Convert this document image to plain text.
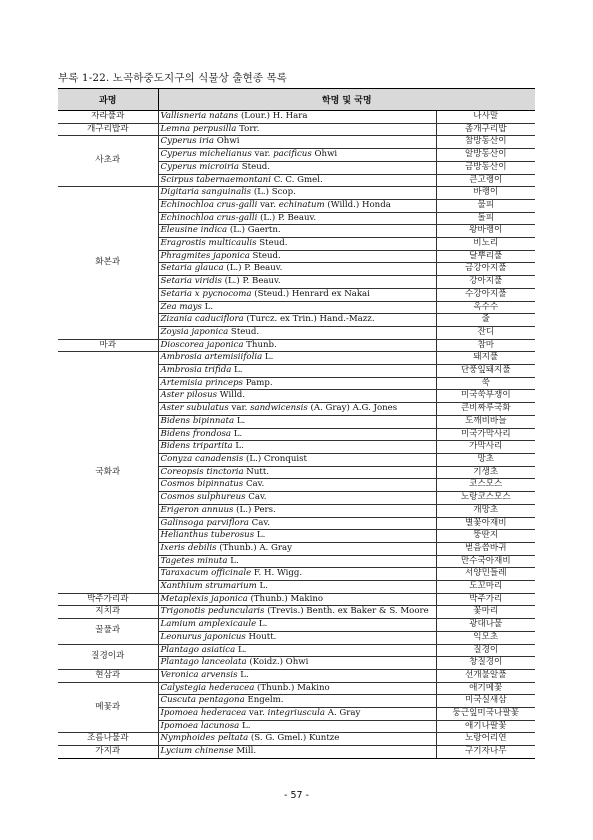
부록 1-22. 노곡하중도지구의 식물상 출현종 목록
과명	학명 및 국명	
자라풀과	Vallisneria natans (Lour.) H. Hara	나사말
개구리밥과	Lemna perpusilla Torr.	좀개구리밥
사초과	Cyperus iria Ohwi	참방동산이
	Cyperus michelianus var. pacificus Ohwi	알방동산이
	Cyperus microiria Steud.	금방동산이
	Scirpus tabernaemontani C. C. Gmel.	큰고랭이
화본과	Digitaria sanguinalis (L.) Scop.	바랭이
	Echinochloa crus-galli var. echinatum (Willd.) Honda	물피
	Echinochloa crus-galli (L.) P. Beauv.	돌피
	Eleusine indica (L.) Gaertn.	왕바랭이
	Eragrostis multicaulis Steud.	비노리
	Phragmites japonica Steud.	달뿌리풀
	Setaria glauca (L.) P. Beauv.	금강아지풀
	Setaria viridis (L.) P. Beauv.	강아지풀
	Setaria x pycnocoma (Steud.) Henrard ex Nakai	수강아지풀
	Zea mays L.	옥수수
	Zizania caduciflora (Turcz. ex Trin.) Hand.-Mazz.	줄
	Zoysia japonica Steud.	잔디
마과	Dioscorea japonica Thunb.	참마
국화과	Ambrosia artemisiifolia L.	돼지풀
	Ambrosia trifida L.	단풍잎돼지풀
	Artemisia princeps Pamp.	쑥
	Aster pilosus Willd.	미국쑥부쟁이
	Aster subulatus var. sandwicensis (A. Gray) A.G. Jones	큰비짜루국화
	Bidens bipinnata L.	도깨비바늘
	Bidens frondosa L.	미국가막사리
	Bidens tripartita L.	가막사리
	Conyza canadensis (L.) Cronquist	망초
	Coreopsis tinctoria Nutt.	기생초
	Cosmos bipinnatus Cav.	코스모스
	Cosmos sulphureus Cav.	노랑코스모스
	Erigeron annuus (L.) Pers.	개망초
	Galinsoga parviflora Cav.	별꽃아재비
	Helianthus tuberosus L.	뚱딴지
	Ixeris debilis (Thunb.) A. Gray	벋음씀바귀
	Tagetes minuta L.	만수국아재비
	Taraxacum officinale F. H. Wigg.	서양민들레
	Xanthium strumarium L.	도꼬마리
박주가리과	Metaplexis japonica (Thunb.) Makino	박주가리
지치과	Trigonotis peduncularis (Trevis.) Benth. ex Baker & S. Moore	꽃마리
꿀풀과	Lamium amplexicaule L.	광대나물
	Leonurus japonicus Houtt.	익모초
질경이과	Plantago asiatica L.	질경이
	Plantago lanceolata (Koidz.) Ohwi	창질경이
현삼과	Veronica arvensis L.	선개불알풀
메꽃과	Calystegia hederacea (Thunb.) Makino	애기메꽃
	Cuscuta pentagona Engelm.	미국실새삼
	Ipomoea hederacea var. integriuscula A. Gray	둥근잎미국나팔꽃
	Ipomoea lacunosa L.	애기나팔꽃
조름나물과	Nymphoides peltata (S. G. Gmel.) Kuntze	노랑어리연
가지과	Lycium chinense Mill.	구기자나무
- 57 -
